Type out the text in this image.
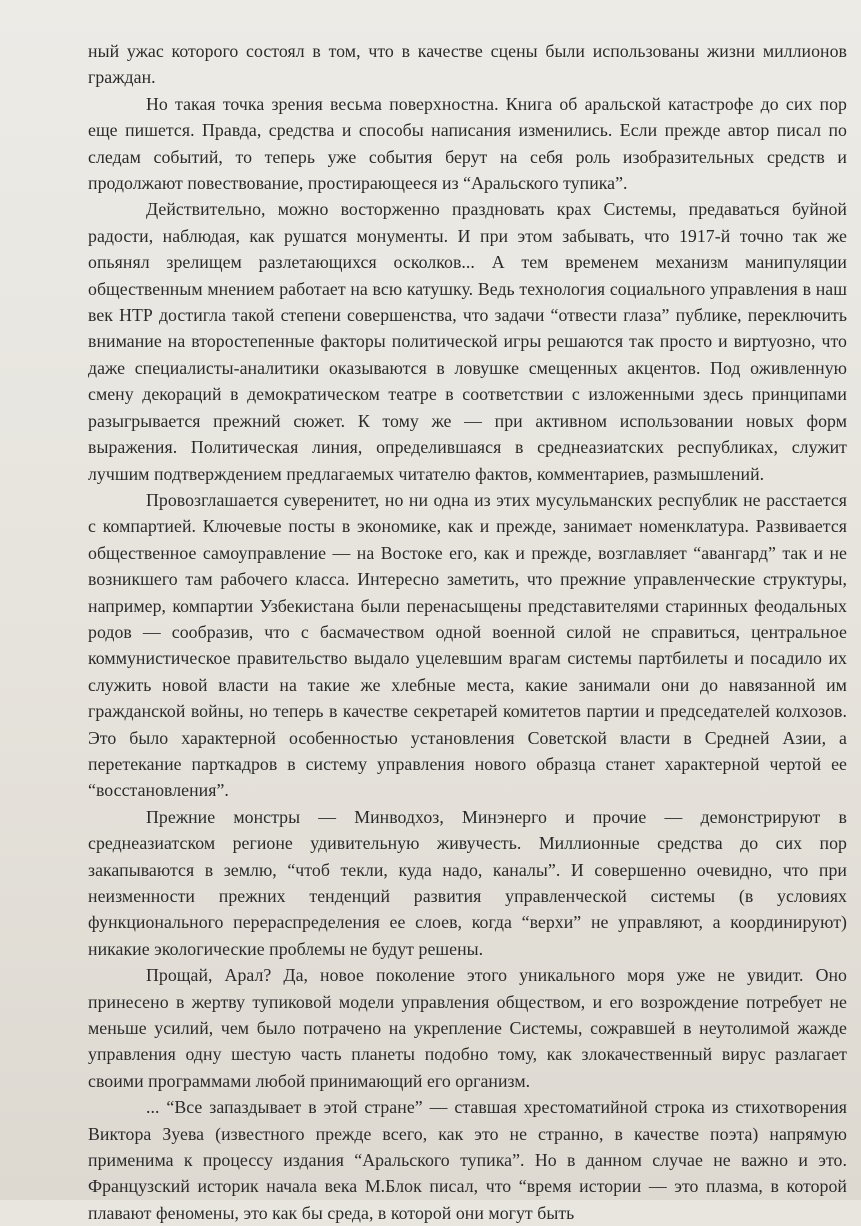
ный ужас которого состоял в том, что в качестве сцены были использованы жизни миллионов граждан.

Но такая точка зрения весьма поверхностна. Книга об аральской катастрофе до сих пор еще пишется. Правда, средства и способы написания изменились. Если прежде автор писал по следам событий, то теперь уже события берут на себя роль изобразительных средств и продолжают повествование, простирающееся из “Аральского тупика”.

Действительно, можно восторженно праздновать крах Системы, предаваться буйной радости, наблюдая, как рушатся монументы. И при этом забывать, что 1917-й точно так же опьянял зрелищем разлетающихся осколков... А тем временем механизм манипуляции общественным мнением работает на всю катушку. Ведь технология социального управления в наш век НТР достигла такой степени совершенства, что задачи “отвести глаза” публике, переключить внимание на второстепенные факторы политической игры решаются так просто и виртуозно, что даже специалисты-аналитики оказываются в ловушке смещенных акцентов. Под оживленную смену декораций в демократическом театре в соответствии с изложенными здесь принципами разыгрывается прежний сюжет. К тому же — при активном использовании новых форм выражения. Политическая линия, определившаяся в среднеазиатских республиках, служит лучшим подтверждением предлагаемых читателю фактов, комментариев, размышлений.

Провозглашается суверенитет, но ни одна из этих мусульманских республик не расстается с компартией. Ключевые посты в экономике, как и прежде, занимает номенклатура. Развивается общественное самоуправление — на Востоке его, как и прежде, возглавляет “авангард” так и не возникшего там рабочего класса. Интересно заметить, что прежние управленческие структуры, например, компартии Узбекистана были перенасыщены представителями старинных феодальных родов — сообразив, что с басмачеством одной военной силой не справиться, центральное коммунистическое правительство выдало уцелевшим врагам системы партбилеты и посадило их служить новой власти на такие же хлебные места, какие занимали они до навязанной им гражданской войны, но теперь в качестве секретарей комитетов партии и председателей колхозов. Это было характерной особенностью установления Советской власти в Средней Азии, а перетекание парткадров в систему управления нового образца станет характерной чертой ее “восстановления”.

Прежние монстры — Минводхоз, Минэнерго и прочие — демонстрируют в среднеазиатском регионе удивительную живучесть. Миллионные средства до сих пор закапываются в землю, “чтоб текли, куда надо, каналы”. И совершенно очевидно, что при неизменности прежних тенденций развития управленческой системы (в условиях функционального перераспределения ее слоев, когда “верхи” не управляют, а координируют) никакие экологические проблемы не будут решены.

Прощай, Арал? Да, новое поколение этого уникального моря уже не увидит. Оно принесено в жертву тупиковой модели управления обществом, и его возрождение потребует не меньше усилий, чем было потрачено на укрепление Системы, сожравшей в неутолимой жажде управления одну шестую часть планеты подобно тому, как злокачественный вирус разлагает своими программами любой принимающий его организм.

... “Все запаздывает в этой стране” — ставшая хрестоматийной строка из стихотворения Виктора Зуева (известного прежде всего, как это не странно, в качестве поэта) напрямую применима к процессу издания “Аральского тупика”. Но в данном случае не важно и это. Французский историк начала века М.Блок писал, что “время истории — это плазма, в которой плавают феномены, это как бы среда, в которой они могут быть
